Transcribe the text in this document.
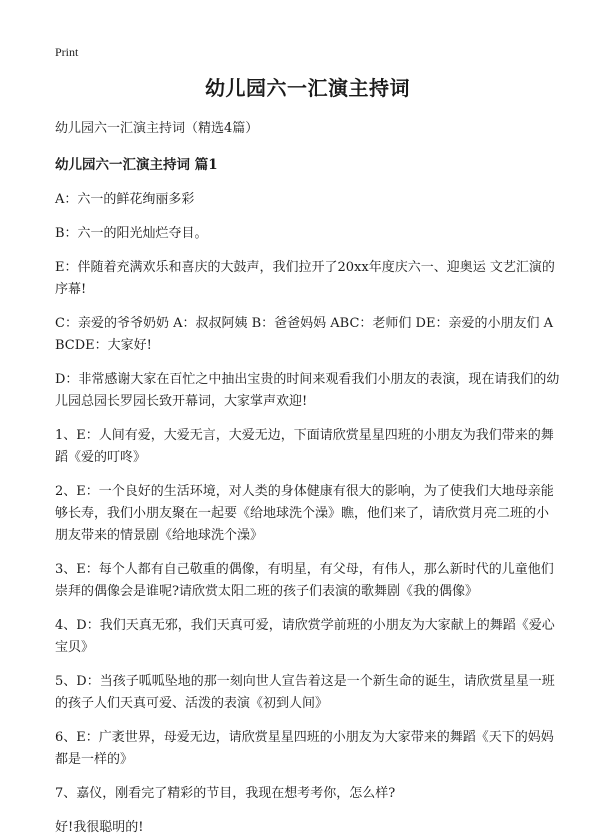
Print
幼儿园六一汇演主持词
幼儿园六一汇演主持词（精选4篇）
幼儿园六一汇演主持词 篇1
A：六一的鲜花绚丽多彩
B：六一的阳光灿烂夺目。
E：伴随着充满欢乐和喜庆的大鼓声，我们拉开了20xx年度庆六一、迎奥运 文艺汇演的序幕!
C：亲爱的爷爷奶奶 A：叔叔阿姨 B：爸爸妈妈 ABC：老师们 DE：亲爱的小朋友们 ABCDE：大家好!
D：非常感谢大家在百忙之中抽出宝贵的时间来观看我们小朋友的表演，现在请我们的幼儿园总园长罗园长致开幕词，大家掌声欢迎!
1、E：人间有爱，大爱无言，大爱无边，下面请欣赏星星四班的小朋友为我们带来的舞蹈《爱的叮咚》
2、E：一个良好的生活环境，对人类的身体健康有很大的影响，为了使我们大地母亲能够长寿，我们小朋友聚在一起要《给地球洗个澡》瞧，他们来了，请欣赏月亮二班的小朋友带来的情景剧《给地球洗个澡》
3、E：每个人都有自己敬重的偶像，有明星，有父母，有伟人，那么新时代的儿童他们崇拜的偶像会是谁呢?请欣赏太阳二班的孩子们表演的歌舞剧《我的偶像》
4、D：我们天真无邪，我们天真可爱，请欣赏学前班的小朋友为大家献上的舞蹈《爱心宝贝》
5、D：当孩子呱呱坠地的那一刻向世人宣告着这是一个新生命的诞生，请欣赏星星一班的孩子人们天真可爱、活泼的表演《初到人间》
6、E：广袤世界，母爱无边，请欣赏星星四班的小朋友为大家带来的舞蹈《天下的妈妈都是一样的》
7、嘉仪，刚看完了精彩的节目，我现在想考考你，怎么样?
好!我很聪明的!
